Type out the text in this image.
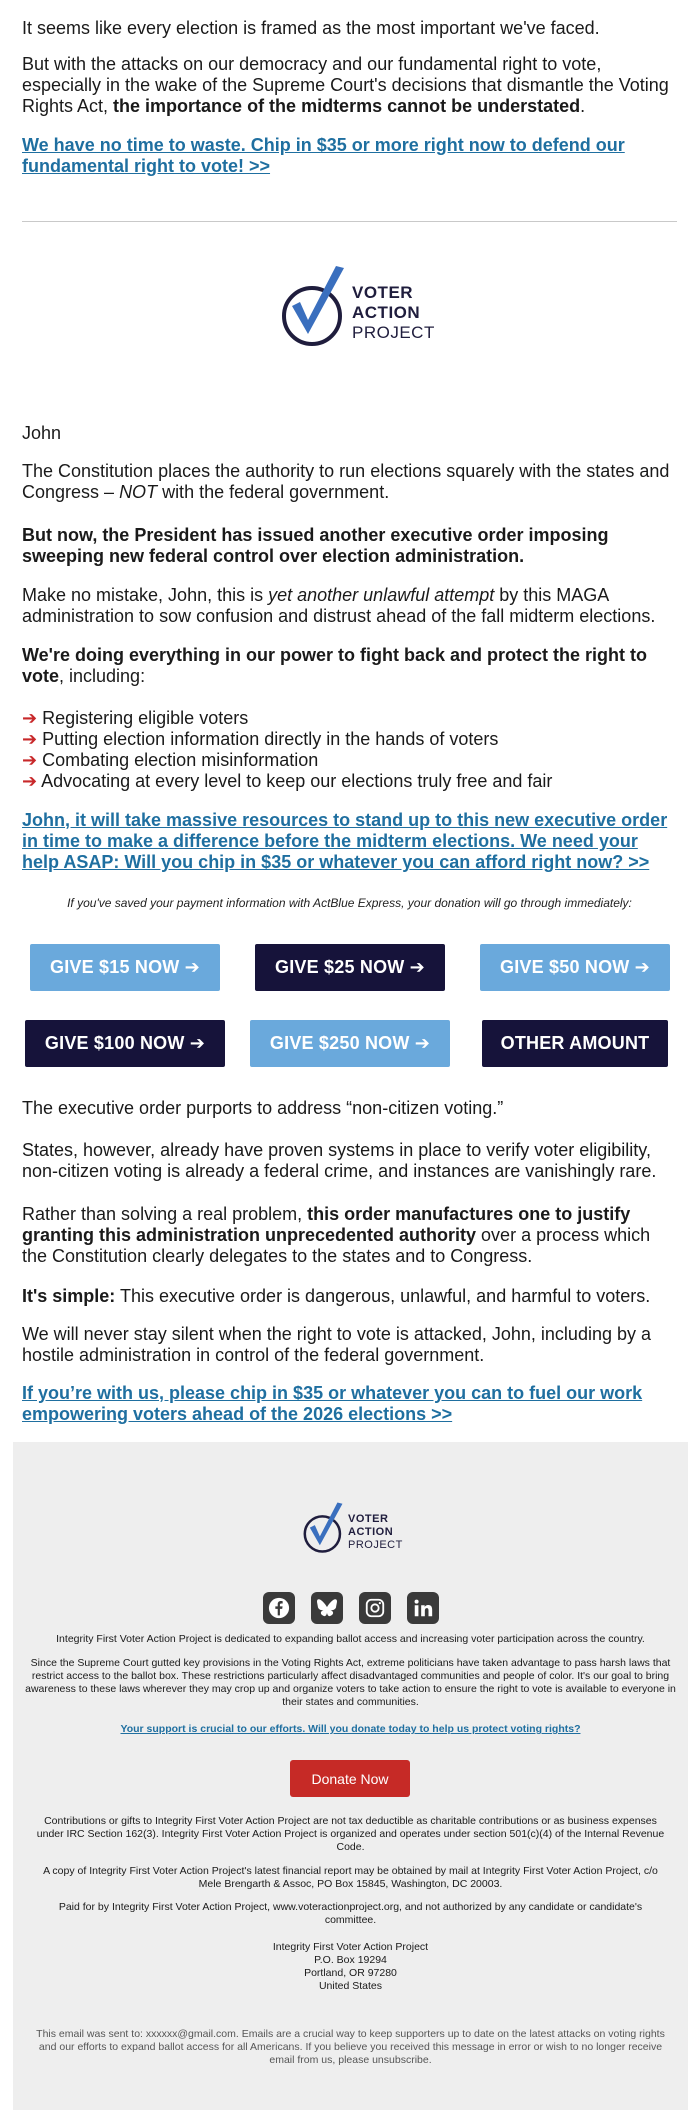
It seems like every election is framed as the most important we've faced.
But with the attacks on our democracy and our fundamental right to vote, especially in the wake of the Supreme Court's decisions that dismantle the Voting Rights Act, the importance of the midterms cannot be understated.
We have no time to waste. Chip in $35 or more right now to defend our fundamental right to vote! >>
VOTER
ACTION
PROJECT
John
The Constitution places the authority to run elections squarely with the states and Congress – NOT with the federal government.
But now, the President has issued another executive order imposing sweeping new federal control over election administration.
Make no mistake, John, this is yet another unlawful attempt by this MAGA administration to sow confusion and distrust ahead of the fall midterm elections.
We're doing everything in our power to fight back and protect the right to vote, including:
➔ Registering eligible voters
➔ Putting election information directly in the hands of voters
➔ Combating election misinformation
➔ Advocating at every level to keep our elections truly free and fair
John, it will take massive resources to stand up to this new executive order in time to make a difference before the midterm elections. We need your help ASAP: Will you chip in $35 or whatever you can afford right now? >>
If you've saved your payment information with ActBlue Express, your donation will go through immediately:
GIVE $15 NOW ➔	GIVE $25 NOW ➔	GIVE $50 NOW ➔
GIVE $100 NOW ➔	GIVE $250 NOW ➔	OTHER AMOUNT
The executive order purports to address “non-citizen voting.”
States, however, already have proven systems in place to verify voter eligibility, non-citizen voting is already a federal crime, and instances are vanishingly rare.
Rather than solving a real problem, this order manufactures one to justify granting this administration unprecedented authority over a process which the Constitution clearly delegates to the states and to Congress.
It's simple: This executive order is dangerous, unlawful, and harmful to voters.
We will never stay silent when the right to vote is attacked, John, including by a hostile administration in control of the federal government.
If you’re with us, please chip in $35 or whatever you can to fuel our work empowering voters ahead of the 2026 elections >>
VOTER
ACTION
PROJECT
Integrity First Voter Action Project is dedicated to expanding ballot access and increasing voter participation across the country.
Since the Supreme Court gutted key provisions in the Voting Rights Act, extreme politicians have taken advantage to pass harsh laws that restrict access to the ballot box. These restrictions particularly affect disadvantaged communities and people of color. It's our goal to bring awareness to these laws wherever they may crop up and organize voters to take action to ensure the right to vote is available to everyone in their states and communities.
Your support is crucial to our efforts. Will you donate today to help us protect voting rights?
Donate Now
Contributions or gifts to Integrity First Voter Action Project are not tax deductible as charitable contributions or as business expenses under IRC Section 162(3). Integrity First Voter Action Project is organized and operates under section 501(c)(4) of the Internal Revenue Code.
A copy of Integrity First Voter Action Project's latest financial report may be obtained by mail at Integrity First Voter Action Project, c/o Mele Brengarth & Assoc, PO Box 15845, Washington, DC 20003.
Paid for by Integrity First Voter Action Project, www.voteractionproject.org, and not authorized by any candidate or candidate's committee.
Integrity First Voter Action Project
P.O. Box 19294
Portland, OR 97280
United States
This email was sent to: xxxxxx@gmail.com. Emails are a crucial way to keep supporters up to date on the latest attacks on voting rights and our efforts to expand ballot access for all Americans. If you believe you received this message in error or wish to no longer receive email from us, please unsubscribe.
